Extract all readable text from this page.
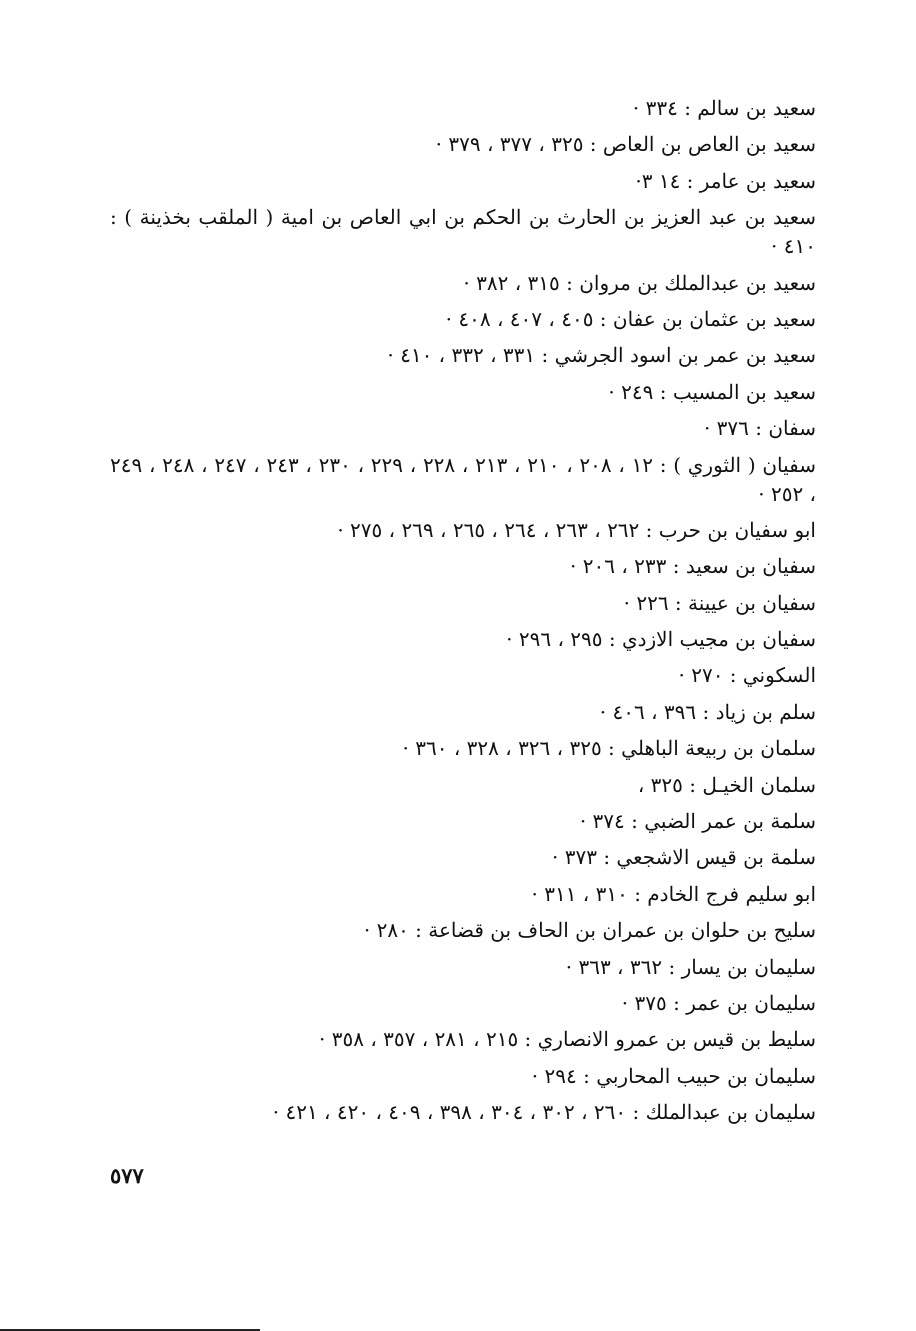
سعيد بن سالم : ٣٣٤ ·
سعيد بن العاص بن العاص : ٣٢٥ ، ٣٧٧ ، ٣٧٩ ·
سعيد بن عامر : ١٤ ٣·
سعيد بن عبد العزيز بن الحارث بن الحكم بن ابي العاص بن امية ( الملقب بخذينة ) : ٤١٠ ·
سعيد بن عبدالملك بن مروان : ٣١٥ ، ٣٨٢ ·
سعيد بن عثمان بن عفان : ٤٠٥ ، ٤٠٧ ، ٤٠٨ ·
سعيد بن عمر بن اسود الجرشي : ٣٣١ ، ٣٣٢ ، ٤١٠ ·
سعيد بن المسيب : ٢٤٩ ·
سفان : ٣٧٦ ·
سفيان ( الثوري ) : ١٢ ، ٢٠٨ ، ٢١٠ ، ٢١٣ ، ٢٢٨ ، ٢٢٩ ، ٢٣٠ ، ٢٤٣ ، ٢٤٧ ، ٢٤٨ ، ٢٤٩ ، ٢٥٢ ·
ابو سفيان بن حرب : ٢٦٢ ، ٢٦٣ ، ٢٦٤ ، ٢٦٥ ، ٢٦٩ ، ٢٧٥ ·
سفيان بن سعيد : ٢٣٣ ، ٢٠٦ ·
سفيان بن عيينة : ٢٢٦ ·
سفيان بن مجيب الازدي : ٢٩٥ ، ٢٩٦ ·
السكوني : ٢٧٠ ·
سلم بن زياد : ٣٩٦ ، ٤٠٦ ·
سلمان بن ربيعة الباهلي : ٣٢٥ ، ٣٢٦ ، ٣٢٨ ، ٣٦٠ ·
سلمان الخيـل : ٣٢٥ ،
سلمة بن عمر الضبي : ٣٧٤ ·
سلمة بن قيس الاشجعي : ٣٧٣ ·
ابو سليم فرج الخادم : ٣١٠ ، ٣١١ ·
سليح بن حلوان بن عمران بن الحاف بن قضاعة : ٢٨٠ ·
سليمان بن يسار : ٣٦٢ ، ٣٦٣ ·
سليمان بن عمر : ٣٧٥ ·
سليط بن قيس بن عمرو الانصاري : ٢١٥ ، ٢٨١ ، ٣٥٧ ، ٣٥٨ ·
سليمان بن حبيب المحاربي : ٢٩٤ ·
سليمان بن عبدالملك : ٢٦٠ ، ٣٠٢ ، ٣٠٤ ، ٣٩٨ ، ٤٠٩ ، ٤٢٠ ، ٤٢١ ·
٥٧٧
